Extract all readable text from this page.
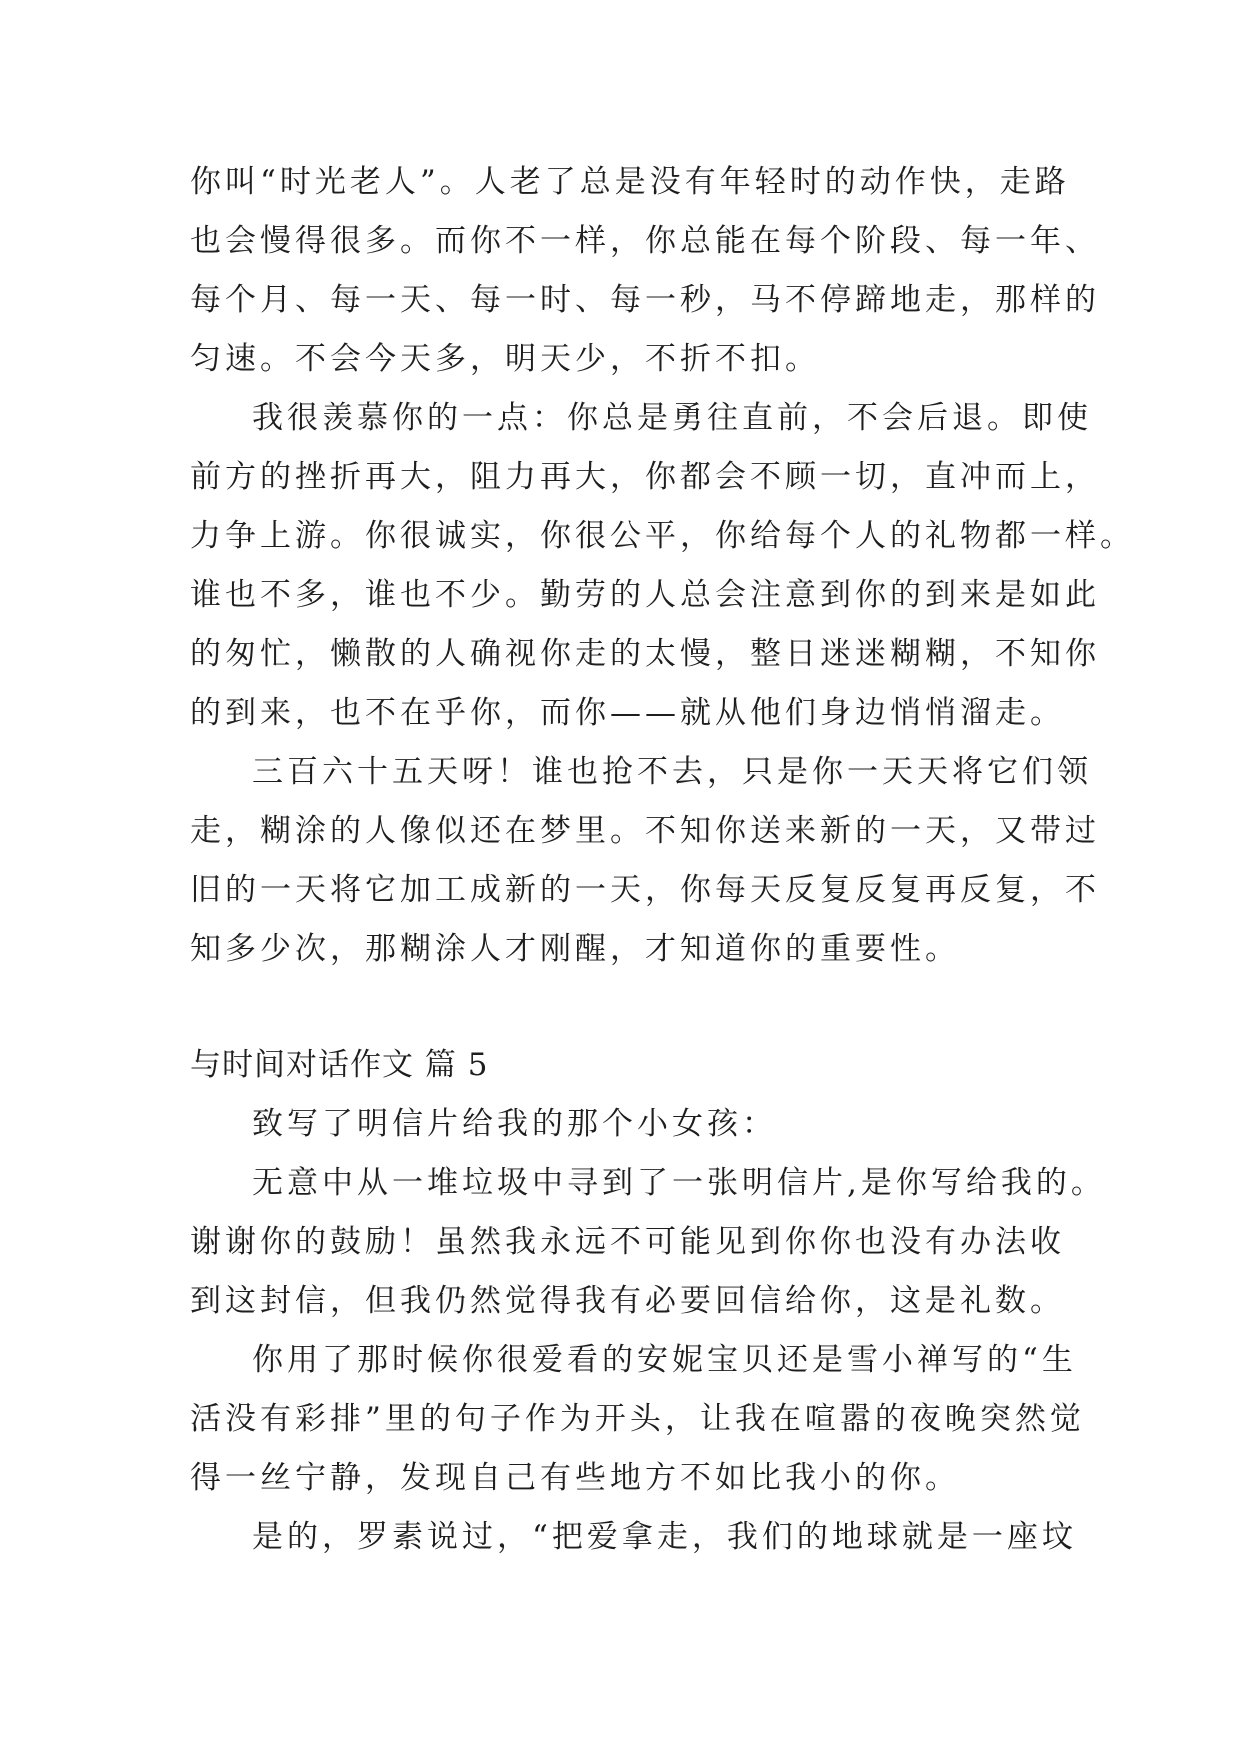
你叫“时光老人”。人老了总是没有年轻时的动作快，走路
也会慢得很多。而你不一样，你总能在每个阶段、每一年、
每个月、每一天、每一时、每一秒，马不停蹄地走，那样的
匀速。不会今天多，明天少，不折不扣。
我很羡慕你的一点：你总是勇往直前，不会后退。即使
前方的挫折再大，阻力再大，你都会不顾一切，直冲而上，
力争上游。你很诚实，你很公平，你给每个人的礼物都一样。
谁也不多，谁也不少。勤劳的人总会注意到你的到来是如此
的匆忙，懒散的人确视你走的太慢，整日迷迷糊糊，不知你
的到来，也不在乎你，而你——就从他们身边悄悄溜走。
三百六十五天呀！谁也抢不去，只是你一天天将它们领
走，糊涂的人像似还在梦里。不知你送来新的一天，又带过
旧的一天将它加工成新的一天，你每天反复反复再反复，不
知多少次，那糊涂人才刚醒，才知道你的重要性。
与时间对话作文 篇 5
致写了明信片给我的那个小女孩：
无意中从一堆垃圾中寻到了一张明信片,是你写给我的。
谢谢你的鼓励！虽然我永远不可能见到你你也没有办法收
到这封信，但我仍然觉得我有必要回信给你，这是礼数。
你用了那时候你很爱看的安妮宝贝还是雪小禅写的“生
活没有彩排”里的句子作为开头，让我在喧嚣的夜晚突然觉
得一丝宁静，发现自己有些地方不如比我小的你。
是的，罗素说过，“把爱拿走，我们的地球就是一座坟
